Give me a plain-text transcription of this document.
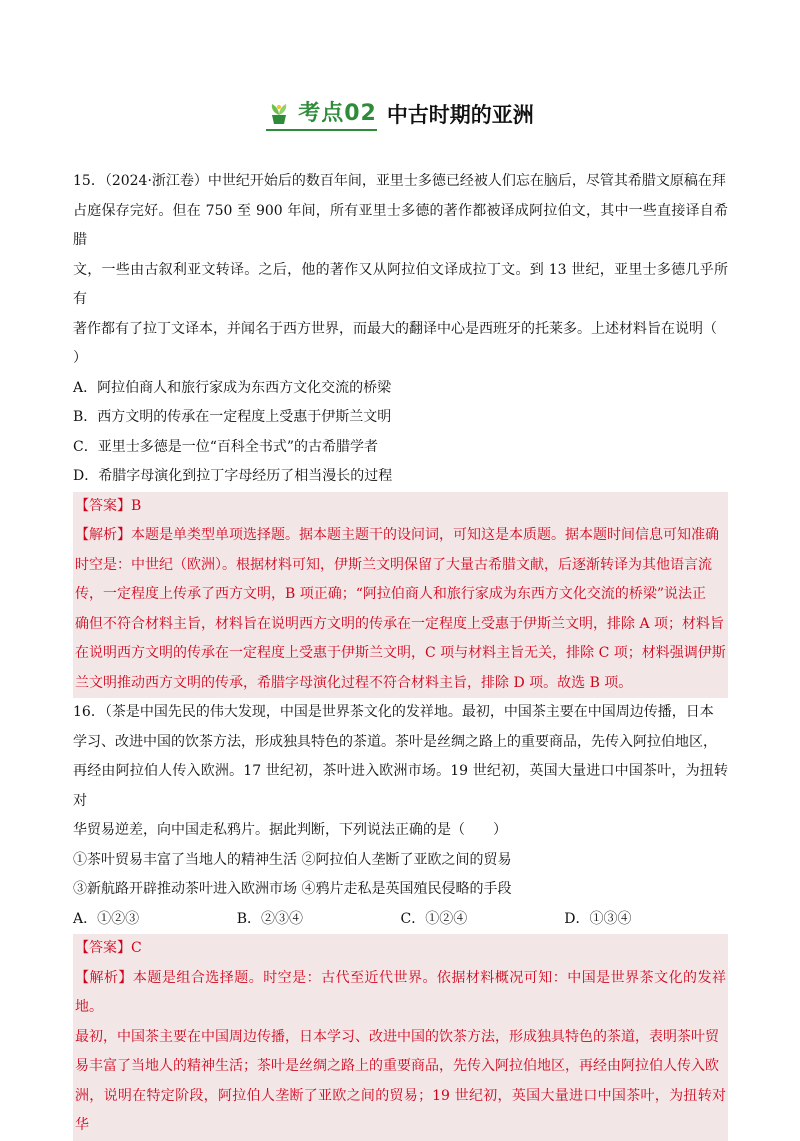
考点02 中古时期的亚洲

15．（2024·浙江卷）中世纪开始后的数百年间，亚里士多德已经被人们忘在脑后，尽管其希腊文原稿在拜

占庭保存完好。但在 750 至 900 年间，所有亚里士多德的著作都被译成阿拉伯文，其中一些直接译自希腊

文，一些由古叙利亚文转译。之后，他的著作又从阿拉伯文译成拉丁文。到 13 世纪，亚里士多德几乎所有

著作都有了拉丁文译本，并闻名于西方世界，而最大的翻译中心是西班牙的托莱多。上述材料旨在说明（

）

A．阿拉伯商人和旅行家成为东西方文化交流的桥梁

B．西方文明的传承在一定程度上受惠于伊斯兰文明

C．亚里士多德是一位“百科全书式”的古希腊学者

D．希腊字母演化到拉丁字母经历了相当漫长的过程

【答案】B

【解析】本题是单类型单项选择题。据本题主题干的设问词，可知这是本质题。据本题时间信息可知准确

时空是：中世纪（欧洲）。根据材料可知，伊斯兰文明保留了大量古希腊文献，后逐渐转译为其他语言流

传，一定程度上传承了西方文明，B 项正确；“阿拉伯商人和旅行家成为东西方文化交流的桥梁”说法正

确但不符合材料主旨，材料旨在说明西方文明的传承在一定程度上受惠于伊斯兰文明，排除 A 项；材料旨

在说明西方文明的传承在一定程度上受惠于伊斯兰文明，C 项与材料主旨无关，排除 C 项；材料强调伊斯

兰文明推动西方文明的传承，希腊字母演化过程不符合材料主旨，排除 D 项。故选 B 项。

16．（茶是中国先民的伟大发现，中国是世界茶文化的发祥地。最初，中国茶主要在中国周边传播，日本

学习、改进中国的饮茶方法，形成独具特色的茶道。茶叶是丝绸之路上的重要商品，先传入阿拉伯地区，

再经由阿拉伯人传入欧洲。17 世纪初，茶叶进入欧洲市场。19 世纪初，英国大量进口中国茶叶，为扭转对

华贸易逆差，向中国走私鸦片。据此判断，下列说法正确的是（　　）

①茶叶贸易丰富了当地人的精神生活 ②阿拉伯人垄断了亚欧之间的贸易

③新航路开辟推动茶叶进入欧洲市场 ④鸦片走私是英国殖民侵略的手段

A．①②③	B．②③④	C．①②④	D．①③④

【答案】C

【解析】本题是组合选择题。时空是：古代至近代世界。依据材料概况可知：中国是世界茶文化的发祥地。

最初，中国茶主要在中国周边传播，日本学习、改进中国的饮茶方法，形成独具特色的茶道，表明茶叶贸

易丰富了当地人的精神生活；茶叶是丝绸之路上的重要商品，先传入阿拉伯地区，再经由阿拉伯人传入欧

洲，说明在特定阶段，阿拉伯人垄断了亚欧之间的贸易；19 世纪初，英国大量进口中国茶叶，为扭转对华
